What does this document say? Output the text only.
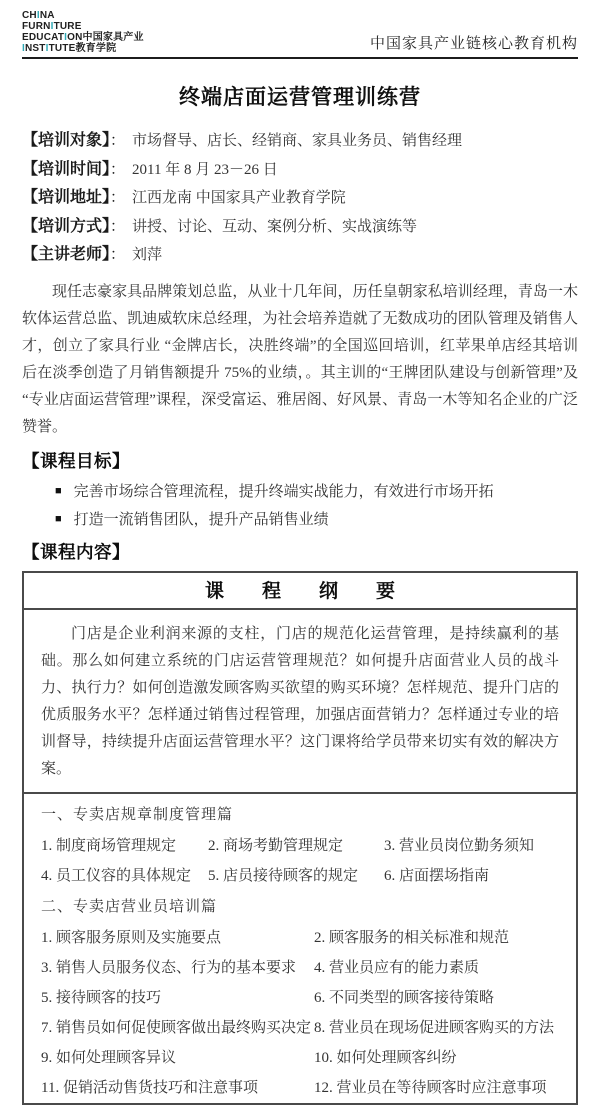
CHINA
FURNITURE
EDUCATION中国家具产业
INSTITUTE教育学院	中国家具产业链核心教育机构
终端店面运营管理训练营
【培训对象】： 市场督导、店长、经销商、家具业务员、销售经理
【培训时间】： 2011 年 8 月 23－26 日
【培训地址】： 江西龙南 中国家具产业教育学院
【培训方式】： 讲授、讨论、互动、案例分析、实战演练等
【主讲老师】： 刘萍

现任志豪家具品牌策划总监，从业十几年间，历任皇朝家私培训经理，青岛一木软体运营总监、凯迪威软床总经理，为社会培养造就了无数成功的团队管理及销售人才，创立了家具行业 “金牌店长，决胜终端”的全国巡回培训，红苹果单店经其培训后在淡季创造了月销售额提升 75%的业绩，。其主训的“王牌团队建设与创新管理”及“专业店面运营管理”课程，深受富运、雅居阁、好风景、青岛一木等知名企业的广泛赞誉。

【课程目标】
■ 完善市场综合管理流程，提升终端实战能力，有效进行市场开拓
■ 打造一流销售团队，提升产品销售业绩
【课程内容】
课　　程　　纲　　要
门店是企业利润来源的支柱，门店的规范化运营管理，是持续赢利的基础。那么如何建立系统的门店运营管理规范？如何提升店面营业人员的战斗力、执行力？如何创造激发顾客购买欲望的购买环境？怎样规范、提升门店的优质服务水平？怎样通过销售过程管理，加强店面营销力？怎样通过专业的培训督导，持续提升店面运营管理水平？这门课将给学员带来切实有效的解决方案。
一、专卖店规章制度管理篇
1. 制度商场管理规定	2. 商场考勤管理规定	3. 营业员岗位勤务须知
4. 员工仪容的具体规定	5. 店员接待顾客的规定	6. 店面摆场指南
二、专卖店营业员培训篇
1. 顾客服务原则及实施要点	2. 顾客服务的相关标准和规范
3. 销售人员服务仪态、行为的基本要求	4. 营业员应有的能力素质
5. 接待顾客的技巧	6. 不同类型的顾客接待策略
7. 销售员如何促使顾客做出最终购买决定 8. 营业员在现场促进顾客购买的方法
9. 如何处理顾客异议	10. 如何处理顾客纠纷
11. 促销活动售货技巧和注意事项	12. 营业员在等待顾客时应注意事项
